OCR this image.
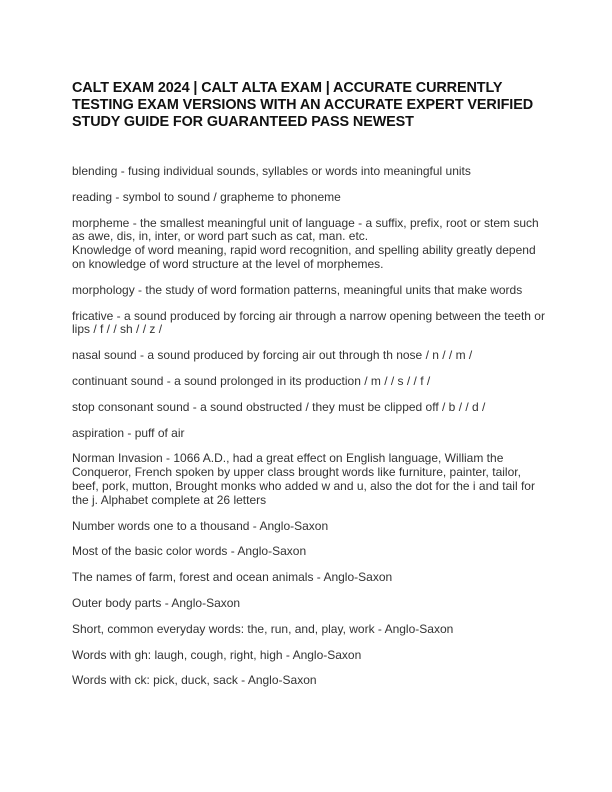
CALT EXAM 2024 | CALT ALTA EXAM | ACCURATE CURRENTLY TESTING EXAM VERSIONS WITH AN ACCURATE EXPERT VERIFIED STUDY GUIDE FOR GUARANTEED PASS NEWEST

blending - fusing individual sounds, syllables or words into meaningful units

reading - symbol to sound / grapheme to phoneme

morpheme - the smallest meaningful unit of language - a suffix, prefix, root or stem such as awe, dis, in, inter, or word part such as cat, man. etc.
Knowledge of word meaning, rapid word recognition, and spelling ability greatly depend on knowledge of word structure at the level of morphemes.

morphology - the study of word formation patterns, meaningful units that make words

fricative - a sound produced by forcing air through a narrow opening between the teeth or lips / f / / sh / / z /

nasal sound - a sound produced by forcing air out through th nose / n / / m /

continuant sound - a sound prolonged in its production / m / / s / / f /

stop consonant sound - a sound obstructed / they must be clipped off / b / / d /

aspiration - puff of air

Norman Invasion - 1066 A.D., had a great effect on English language, William the Conqueror, French spoken by upper class brought words like furniture, painter, tailor, beef, pork, mutton, Brought monks who added w and u, also the dot for the i and tail for the j. Alphabet complete at 26 letters

Number words one to a thousand - Anglo-Saxon

Most of the basic color words - Anglo-Saxon

The names of farm, forest and ocean animals - Anglo-Saxon

Outer body parts - Anglo-Saxon

Short, common everyday words: the, run, and, play, work - Anglo-Saxon

Words with gh: laugh, cough, right, high - Anglo-Saxon

Words with ck: pick, duck, sack - Anglo-Saxon
